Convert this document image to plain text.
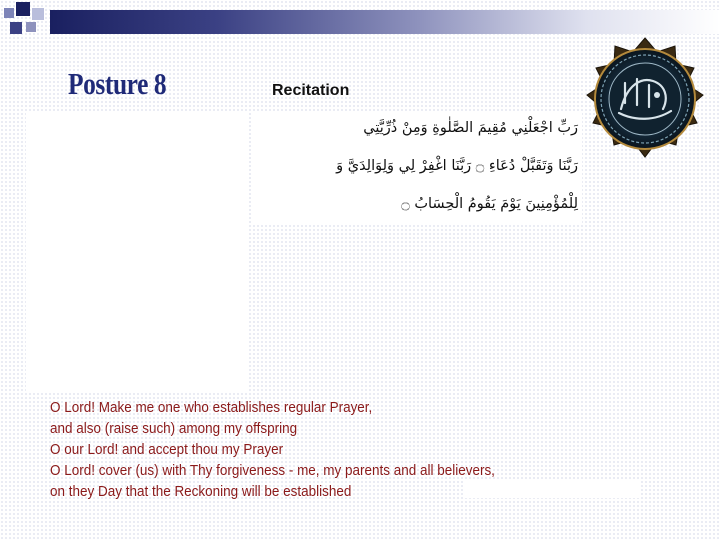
Posture 8	Recitation
رَبِّ اجْعَلْنِي مُقِيمَ الصَّلٰوةِ وَمِنْ ذُرِّيَّتِي
رَبَّنَا وَتَقَبَّلْ دُعَاءِ ۝ رَبَّنَا اغْفِرْ لِي وَلِوَالِدَيَّ وَ
لِلْمُؤْمِنِينَ يَوْمَ يَقُومُ الْحِسَابُ ۝
O Lord! Make me one who establishes regular Prayer,
and also (raise such) among my offspring
O our Lord! and accept thou my Prayer
O Lord! cover (us) with Thy forgiveness - me, my parents and all believers,
on they Day that the Reckoning will be established
